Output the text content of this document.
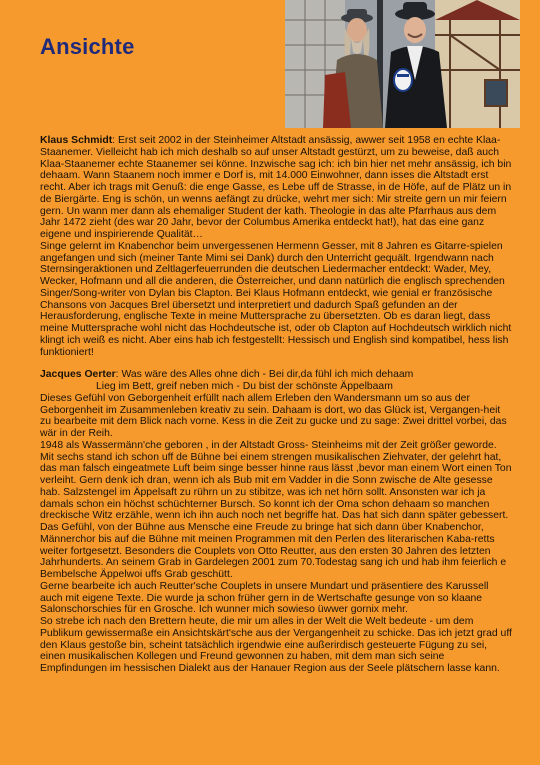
Ansichte

Klaus Schmidt: Erst seit 2002 in der Steinheimer Altstadt ansässig, awwer seit 1958 en echte Klaa-Staanemer. Vielleicht hab ich mich deshalb so auf unser Altstadt gestürzt, um zu beweise, daß auch Klaa-Staanemer echte Staanemer sei könne. Inzwische sag ich: ich bin hier net mehr ansässig, ich bin dehaam. Wann Staanem noch immer e Dorf is, mit 14.000 Einwohner, dann isses die Altstadt erst recht. Aber ich trags mit Genuß: die enge Gasse, es Lebe uff de Strasse, in de Höfe, auf de Plätz un in de Biergärte. Eng is schön, un wenns aefängt zu drücke, wehrt mer sich: Mir streite gern un mir feiern gern. Un wann mer dann als ehemaliger Student der kath. Theologie in das alte Pfarrhaus aus dem Jahr 1472 zieht (des war 20 Jahr, bevor der Columbus Amerika entdeckt hat!), hat das eine ganz eigene und inspirierende Qualität…

Singe gelernt im Knabenchor beim unvergessenen Hermenn Gesser, mit 8 Jahren es Gitarre-spielen angefangen und sich (meiner Tante Mimi sei Dank) durch den Unterricht gequält. Irgendwann nach Sternsingeraktionen und Zeltlagerfeuerrunden die deutschen Liedermacher entdeckt: Wader, Mey, Wecker, Hofmann und all die anderen, die Österreicher, und dann natürlich die englisch sprechenden Singer/Song-writer von Dylan bis Clapton. Bei Klaus Hofmann entdeckt, wie genial er französische Chansons von Jacques Brel übersetzt und interpretiert und dadurch Spaß gefunden an der Herausforderung, englische Texte in meine Muttersprache zu übersetzten. Ob es daran liegt, dass meine Muttersprache wohl nicht das Hochdeutsche ist, oder ob Clapton auf Hochdeutsch wirklich nicht klingt ich weiß es nicht. Aber eins hab ich festgestellt: Hessisch und English sind kompatibel, hess lish funktioniert!

Jacques Oerter: Was wäre des Alles ohne dich - Bei dir,da fühl ich mich dehaam

Lieg im Bett, greif neben mich - Du bist der schönste Äppelbaam

Dieses Gefühl von Geborgenheit erfüllt nach allem Erleben den Wandersmann um so aus der Geborgenheit im Zusammenleben kreativ zu sein. Dahaam is dort, wo das Glück ist, Vergangen-heit zu bearbeite mit dem Blick nach vorne. Kess in die Zeit zu gucke und zu sage: Zwei drittel vorbei, das wär in der Reih.

1948 als Wassermänn'che geboren , in der Altstadt Gross- Steinheims mit der Zeit größer geworde. Mit sechs stand ich schon uff de Bühne bei einem strengen musikalischen Ziehvater, der gelehrt hat, das man falsch eingeatmete Luft beim singe besser hinne raus lässt ,bevor man einem Wort einen Ton verleiht. Gern denk ich dran, wenn ich als Bub mit em Vadder in die Sonn zwische de Alte gesesse hab. Salzstengel im Äppelsaft zu rührn un zu stibitze, was ich net hörn sollt. Ansonsten war ich ja damals schon ein höchst schüchterner Bursch. So konnt ich der Oma schon dehaam so manchen dreckische Witz erzähle, wenn ich ihn auch noch net begriffe hat. Das hat sich dann später gebessert.

Das Gefühl, von der Bühne aus Mensche eine Freude zu bringe hat sich dann über Knabenchor, Männerchor bis auf die Bühne mit meinen Programmen mit den Perlen des literarischen Kaba-retts weiter fortgesetzt. Besonders die Couplets von Otto Reutter, aus den ersten 30 Jahren des letzten Jahrhunderts. An seinem Grab in Gardelegen 2001 zum 70.Todestag sang ich und hab ihm feierlich e Bembelsche Äppelwoi uffs Grab geschütt.

Gerne bearbeite ich auch Reutter'sche Couplets in unsere Mundart und präsentiere des Karussell auch mit eigene Texte. Die wurde ja schon früher gern in de Wertschafte gesunge von so klaane Salonschorschies für en Grosche. Ich wunner mich sowieso üwwer gornix mehr.

So strebe ich nach den Brettern heute, die mir um alles in der Welt die Welt bedeute - um dem Publikum gewissermaße ein Ansichtskärt'sche aus der Vergangenheit zu schicke. Das ich jetzt grad uff den Klaus gestoße bin, scheint tatsächlich irgendwie eine außerirdisch gesteuerte Fügung zu sei, einen musikalischen Kollegen und Freund gewonnen zu haben, mit dem man sich seine Empfindungen im hessischen Dialekt aus der Hanauer Region aus der Seele plätschern lasse kann.
